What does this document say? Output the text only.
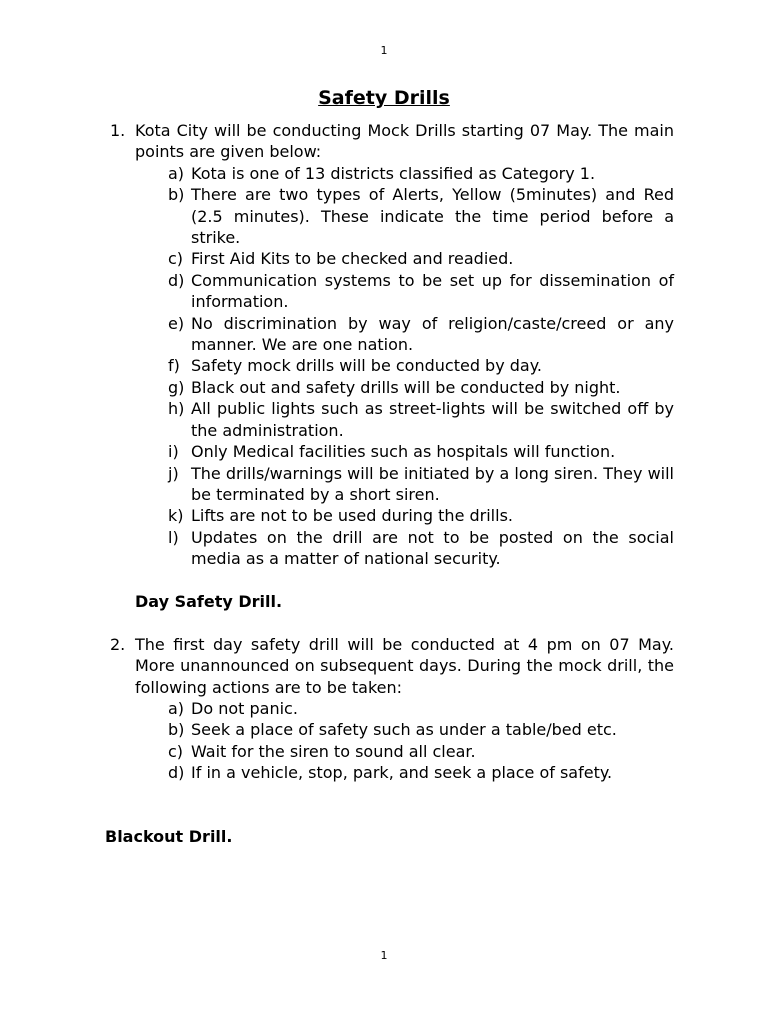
1
Safety Drills
1. Kota City will be conducting Mock Drills starting 07 May. The main points are given below:
a) Kota is one of 13 districts classified as Category 1.
b) There are two types of Alerts, Yellow (5minutes) and Red (2.5 minutes). These indicate the time period before a strike.
c) First Aid Kits to be checked and readied.
d) Communication systems to be set up for dissemination of information.
e) No discrimination by way of religion/caste/creed or any manner. We are one nation.
f) Safety mock drills will be conducted by day.
g) Black out and safety drills will be conducted by night.
h) All public lights such as street-lights will be switched off by the administration.
i) Only Medical facilities such as hospitals will function.
j) The drills/warnings will be initiated by a long siren. They will be terminated by a short siren.
k) Lifts are not to be used during the drills.
l) Updates on the drill are not to be posted on the social media as a matter of national security.
Day Safety Drill.
2. The first day safety drill will be conducted at 4 pm on 07 May. More unannounced on subsequent days. During the mock drill, the following actions are to be taken:
a) Do not panic.
b) Seek a place of safety such as under a table/bed etc.
c) Wait for the siren to sound all clear.
d) If in a vehicle, stop, park, and seek a place of safety.
Blackout Drill.
1
